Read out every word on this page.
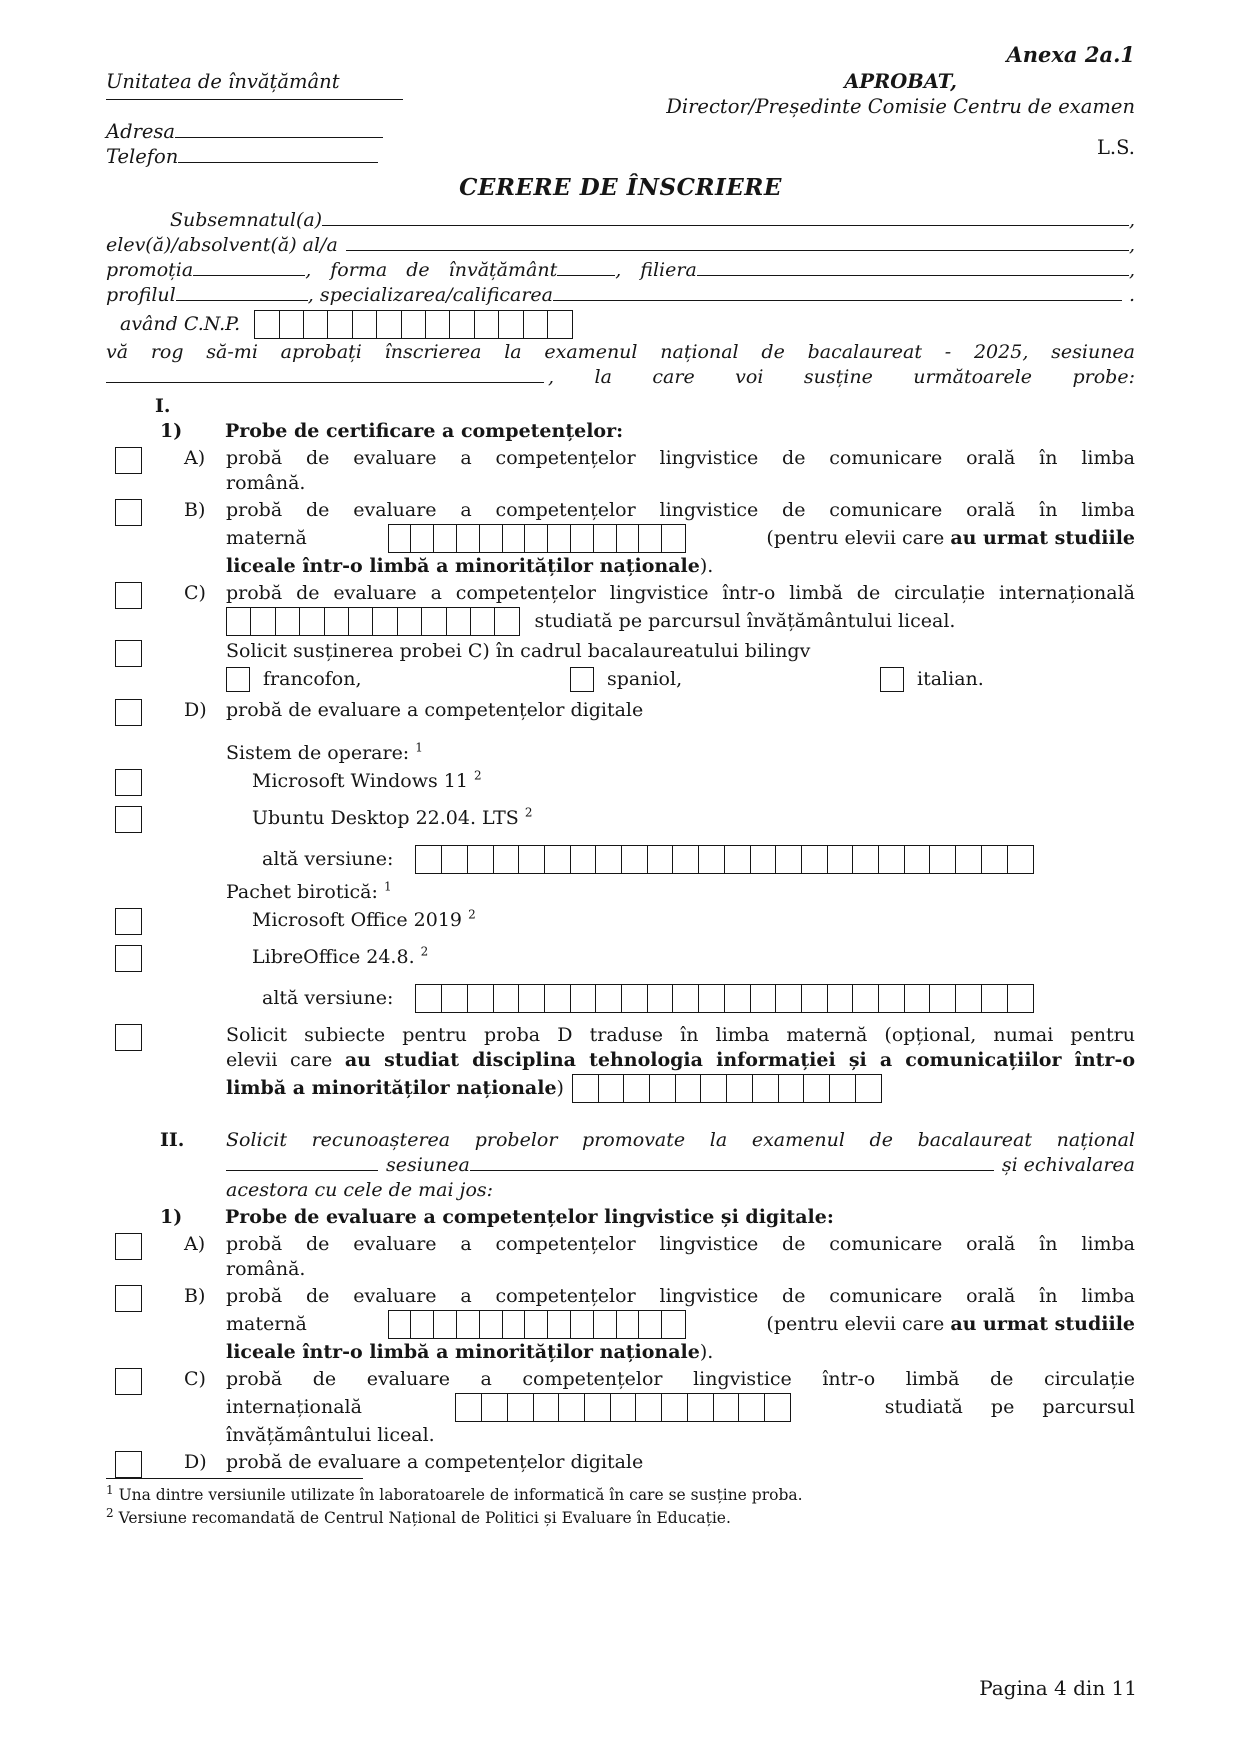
Anexa 2a.1
Unitatea de învățământ
Adresa
Telefon
APROBAT,
Director/Președinte Comisie Centru de examen
L.S.
CERERE DE ÎNSCRIERE
Subsemnatul(a)	,
elev(ă)/absolvent(ă) al/a	,
promoția	, forma de învățământ	, filiera	,
profilul	, specializarea/calificarea	.
având C.N.P.
vă rog să-mi aprobați înscrierea la examenul național de bacalaureat - 2025, sesiunea
, la care voi susține următoarele probe:
I.
1)	Probe de certificare a competențelor:
A)	probă de evaluare a competențelor lingvistice de comunicare orală în limba
română.
B)	probă de evaluare a competențelor lingvistice de comunicare orală în limba
maternă	(pentru elevii care au urmat studiile
liceale într-o limbă a minorităților naționale).
C)	probă de evaluare a competențelor lingvistice într-o limbă de circulație internațională
studiată pe parcursul învățământului liceal.
Solicit susținerea probei C) în cadrul bacalaureatului bilingv
francofon,	spaniol,	italian.
D)	probă de evaluare a competențelor digitale
Sistem de operare: $^1$
Microsoft Windows 11 $^2$
Ubuntu Desktop 22.04. LTS $^2$
altă versiune:
Pachet birotică: $^1$
Microsoft Office 2019 $^2$
LibreOffice 24.8. $^2$
altă versiune:
Solicit subiecte pentru proba D traduse în limba maternă (opțional, numai pentru
elevii care au studiat disciplina tehnologia informației și a comunicațiilor într-o
limbă a minorităților naționale)
II.	Solicit recunoașterea probelor promovate la examenul de bacalaureat național
sesiunea	și echivalarea
acestora cu cele de mai jos:
1)	Probe de evaluare a competențelor lingvistice și digitale:
A)	probă de evaluare a competențelor lingvistice de comunicare orală în limba
română.
B)	probă de evaluare a competențelor lingvistice de comunicare orală în limba
maternă	(pentru elevii care au urmat studiile
liceale într-o limbă a minorităților naționale).
C)	probă de evaluare a competențelor lingvistice într-o limbă de circulație
internațională	studiată pe parcursul
învățământului liceal.
D)	probă de evaluare a competențelor digitale
$^1$ Una dintre versiunile utilizate în laboratoarele de informatică în care se susține proba.
$^2$ Versiune recomandată de Centrul Național de Politici și Evaluare în Educație.
Pagina 4 din 11
